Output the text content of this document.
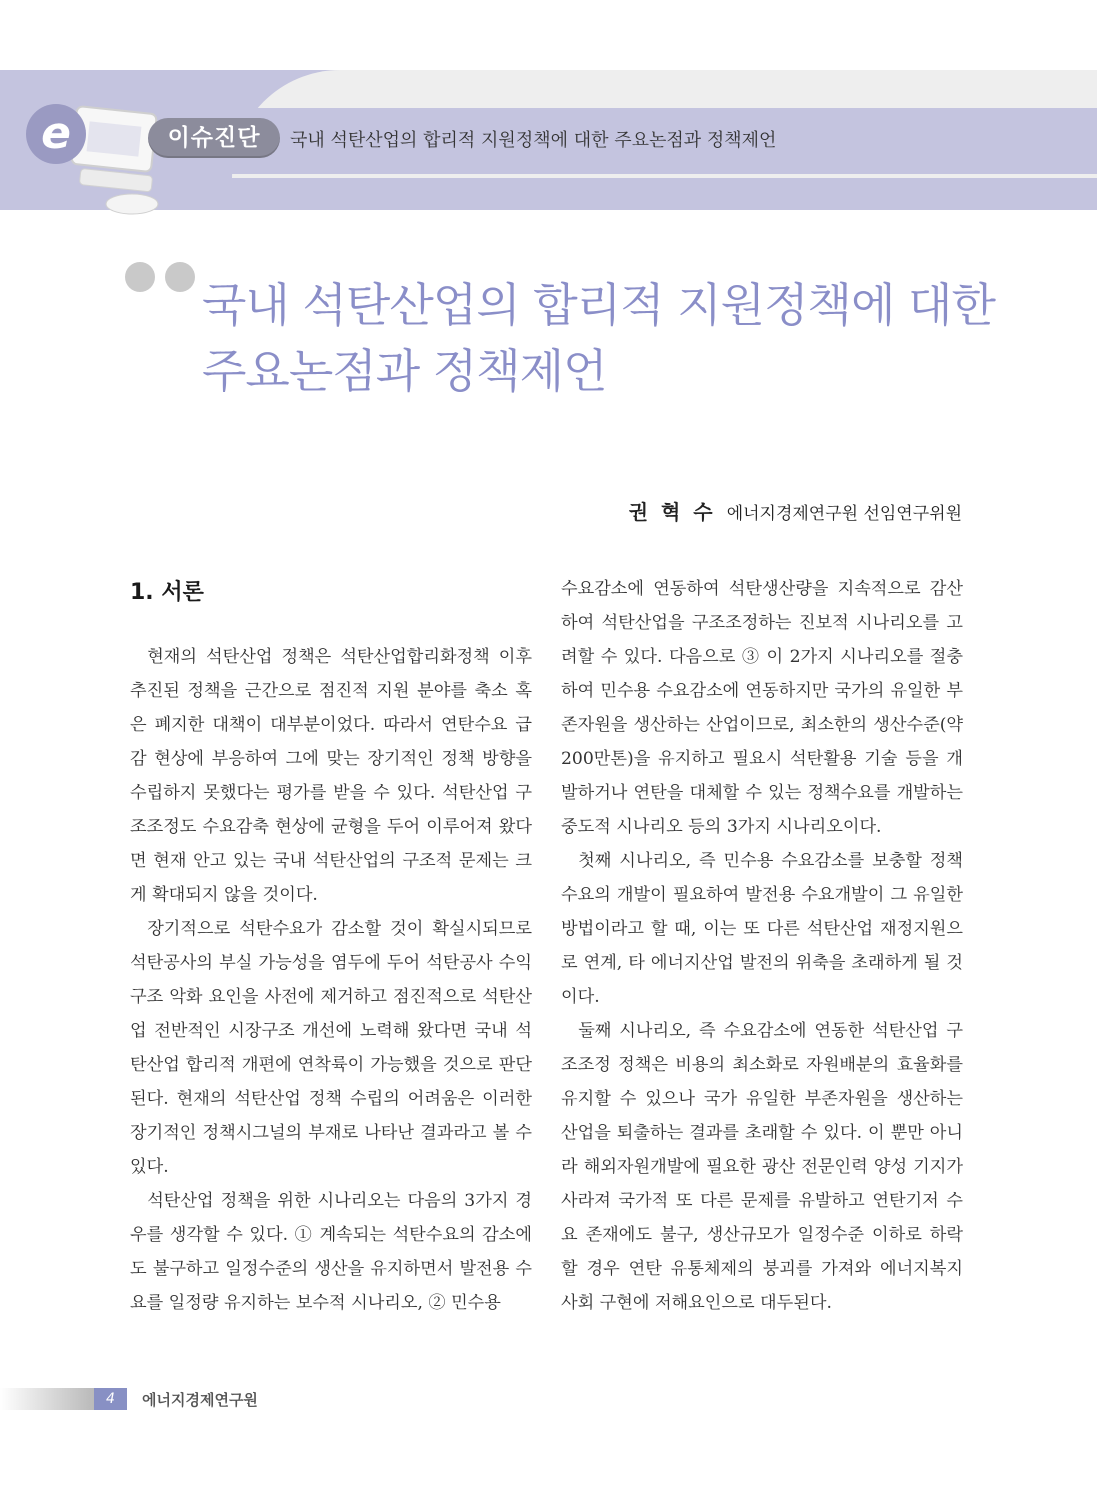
e	이슈진단	국내 석탄산업의 합리적 지원정책에 대한 주요논점과 정책제언
국내 석탄산업의 합리적 지원정책에 대한
주요논점과 정책제언
권 혁 수 에너지경제연구원 선임연구위원
1. 서론

현재의 석탄산업 정책은 석탄산업합리화정책 이후 추진된 정책을 근간으로 점진적 지원 분야를 축소 혹은 폐지한 대책이 대부분이었다. 따라서 연탄수요 급감 현상에 부응하여 그에 맞는 장기적인 정책 방향을 수립하지 못했다는 평가를 받을 수 있다. 석탄산업 구조조정도 수요감축 현상에 균형을 두어 이루어져 왔다면 현재 안고 있는 국내 석탄산업의 구조적 문제는 크게 확대되지 않을 것이다.

장기적으로 석탄수요가 감소할 것이 확실시되므로 석탄공사의 부실 가능성을 염두에 두어 석탄공사 수익구조 악화 요인을 사전에 제거하고 점진적으로 석탄산업 전반적인 시장구조 개선에 노력해 왔다면 국내 석탄산업 합리적 개편에 연착륙이 가능했을 것으로 판단된다. 현재의 석탄산업 정책 수립의 어려움은 이러한 장기적인 정책시그널의 부재로 나타난 결과라고 볼 수 있다.

석탄산업 정책을 위한 시나리오는 다음의 3가지 경우를 생각할 수 있다. ① 계속되는 석탄수요의 감소에도 불구하고 일정수준의 생산을 유지하면서 발전용 수요를 일정량 유지하는 보수적 시나리오, ② 민수용

수요감소에 연동하여 석탄생산량을 지속적으로 감산하여 석탄산업을 구조조정하는 진보적 시나리오를 고려할 수 있다. 다음으로 ③ 이 2가지 시나리오를 절충하여 민수용 수요감소에 연동하지만 국가의 유일한 부존자원을 생산하는 산업이므로, 최소한의 생산수준(약 200만톤)을 유지하고 필요시 석탄활용 기술 등을 개발하거나 연탄을 대체할 수 있는 정책수요를 개발하는 중도적 시나리오 등의 3가지 시나리오이다.

첫째 시나리오, 즉 민수용 수요감소를 보충할 정책수요의 개발이 필요하여 발전용 수요개발이 그 유일한 방법이라고 할 때, 이는 또 다른 석탄산업 재정지원으로 연계, 타 에너지산업 발전의 위축을 초래하게 될 것이다.

둘째 시나리오, 즉 수요감소에 연동한 석탄산업 구조조정 정책은 비용의 최소화로 자원배분의 효율화를 유지할 수 있으나 국가 유일한 부존자원을 생산하는 산업을 퇴출하는 결과를 초래할 수 있다. 이 뿐만 아니라 해외자원개발에 필요한 광산 전문인력 양성 기지가 사라져 국가적 또 다른 문제를 유발하고 연탄기저 수요 존재에도 불구, 생산규모가 일정수준 이하로 하락할 경우 연탄 유통체제의 붕괴를 가져와 에너지복지 사회 구현에 저해요인으로 대두된다.

4	에너지경제연구원
